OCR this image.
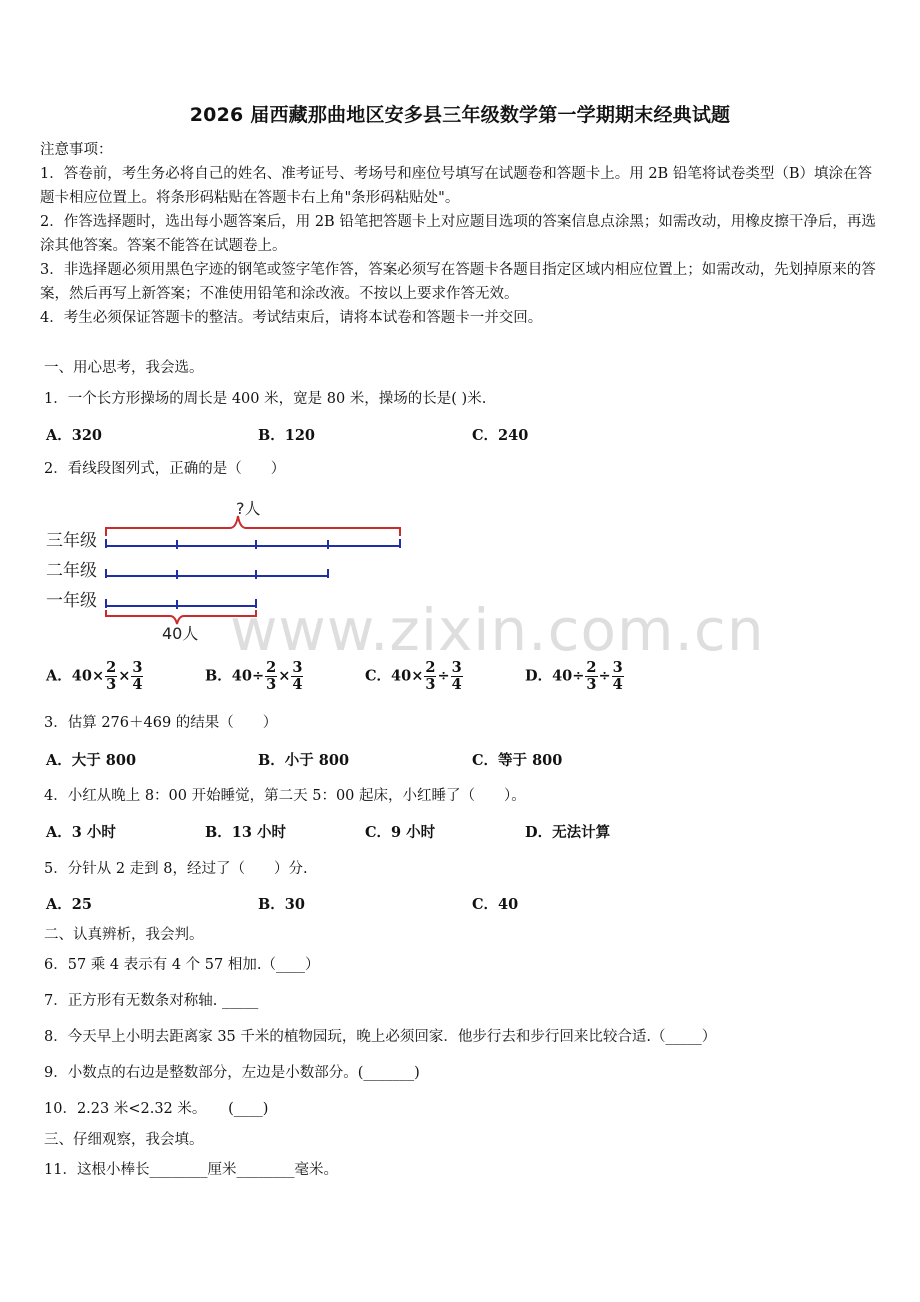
2026 届西藏那曲地区安多县三年级数学第一学期期末经典试题

注意事项：

1．答卷前，考生务必将自己的姓名、准考证号、考场号和座位号填写在试题卷和答题卡上。用 2B 铅笔将试卷类型（B）填涂在答题卡相应位置上。将条形码粘贴在答题卡右上角"条形码粘贴处"。

2．作答选择题时，选出每小题答案后，用 2B 铅笔把答题卡上对应题目选项的答案信息点涂黑；如需改动，用橡皮擦干净后，再选涂其他答案。答案不能答在试题卷上。

3．非选择题必须用黑色字迹的钢笔或签字笔作答，答案必须写在答题卡各题目指定区域内相应位置上；如需改动，先划掉原来的答案，然后再写上新答案；不准使用铅笔和涂改液。不按以上要求作答无效。

4．考生必须保证答题卡的整洁。考试结束后，请将本试卷和答题卡一并交回。

一、用心思考，我会选。
1．一个长方形操场的周长是 400 米，宽是 80 米，操场的长是( )米.
A．320	B．120	C．240
2．看线段图列式，正确的是（　　）
?人
三年级
二年级
一年级
40人 www.zixin.com.cn
A．$40\times \frac{2}{3} \times \frac{3}{4}$	B．$40\div \frac{2}{3} \times \frac{3}{4}$	C．$40\times \frac{2}{3} \div \frac{3}{4}$	D．$40\div \frac{2}{3} \div \frac{3}{4}$
3．估算 276＋469 的结果（　　）
A．大于 800	B．小于 800	C．等于 800
4．小红从晚上 8：00 开始睡觉，第二天 5：00 起床，小红睡了（　　）。
A．3 小时	B．13 小时	C．9 小时	D．无法计算
5．分针从 2 走到 8，经过了（　　）分.
A．25	B．30	C．40
二、认真辨析，我会判。
6．57 乘 4 表示有 4 个 57 相加.（____）
7．正方形有无数条对称轴. _____
8．今天早上小明去距离家 35 千米的植物园玩，晚上必须回家．他步行去和步行回来比较合适.（_____）
9．小数点的右边是整数部分，左边是小数部分。(_______)
10．2.23 米<2.32 米。　　(____)
三、仔细观察，我会填。
11．这根小棒长________厘米________毫米。
